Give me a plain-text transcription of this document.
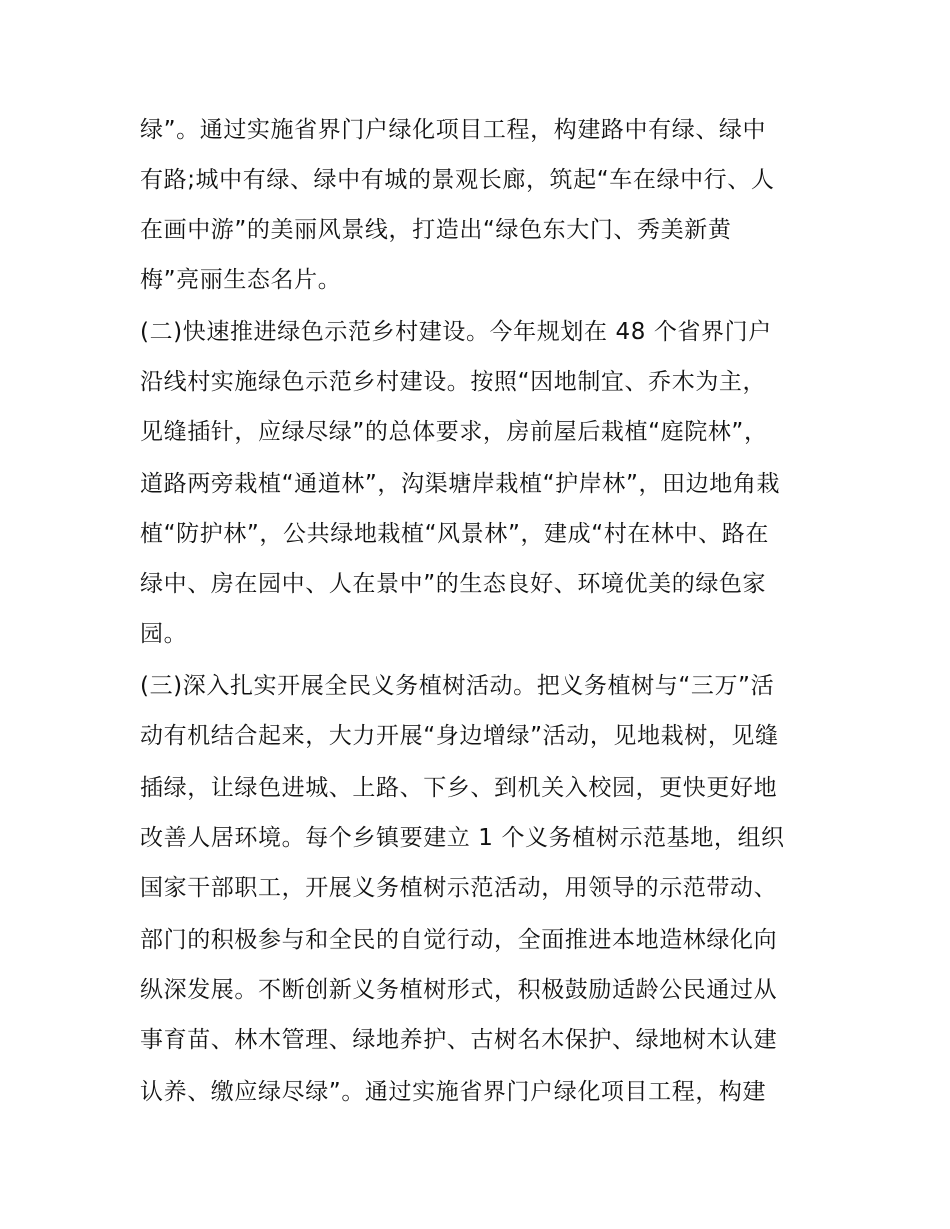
绿”。通过实施省界门户绿化项目工程，构建路中有绿、绿中
有路;城中有绿、绿中有城的景观长廊，筑起“车在绿中行、人
在画中游”的美丽风景线，打造出“绿色东大门、秀美新黄
梅”亮丽生态名片。
(二)快速推进绿色示范乡村建设。今年规划在 48 个省界门户
沿线村实施绿色示范乡村建设。按照“因地制宜、乔木为主，
见缝插针，应绿尽绿”的总体要求，房前屋后栽植“庭院林”，
道路两旁栽植“通道林”，沟渠塘岸栽植“护岸林”，田边地角栽
植“防护林”，公共绿地栽植“风景林”，建成“村在林中、路在
绿中、房在园中、人在景中”的生态良好、环境优美的绿色家
园。
(三)深入扎实开展全民义务植树活动。把义务植树与“三万”活
动有机结合起来，大力开展“身边增绿”活动，见地栽树，见缝
插绿，让绿色进城、上路、下乡、到机关入校园，更快更好地
改善人居环境。每个乡镇要建立 1 个义务植树示范基地，组织
国家干部职工，开展义务植树示范活动，用领导的示范带动、
部门的积极参与和全民的自觉行动，全面推进本地造林绿化向
纵深发展。不断创新义务植树形式，积极鼓励适龄公民通过从
事育苗、林木管理、绿地养护、古树名木保护、绿地树木认建
认养、缴应绿尽绿”。通过实施省界门户绿化项目工程，构建
